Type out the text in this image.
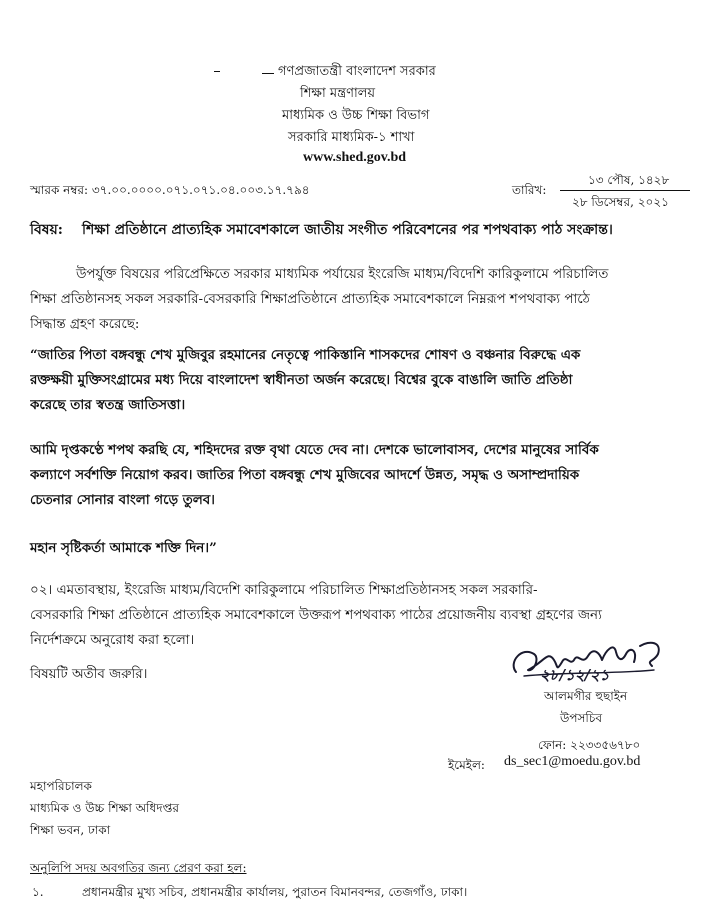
গণপ্রজাতন্ত্রী বাংলাদেশ সরকার
শিক্ষা মন্ত্রণালয়
মাধ্যমিক ও উচ্চ শিক্ষা বিভাগ
সরকারি মাধ্যমিক-১ শাখা
www.shed.gov.bd
স্মারক নম্বর: ৩৭.০০.০০০০.০৭১.০৭১.০৪.০০৩.১৭.৭৯৪	তারিখ:
১৩ পৌষ, ১৪২৮
২৮ ডিসেম্বর, ২০২১
বিষয়: শিক্ষা প্রতিষ্ঠানে প্রাত্যহিক সমাবেশকালে জাতীয় সংগীত পরিবেশনের পর শপথবাক্য পাঠ সংক্রান্ত।
উপর্যুক্ত বিষয়ের পরিপ্রেক্ষিতে সরকার মাধ্যমিক পর্যায়ের ইংরেজি মাধ্যম/বিদেশি কারিকুলামে পরিচালিত
শিক্ষা প্রতিষ্ঠানসহ সকল সরকারি-বেসরকারি শিক্ষাপ্রতিষ্ঠানে প্রাত্যহিক সমাবেশকালে নিম্নরূপ শপথবাক্য পাঠে
সিদ্ধান্ত গ্রহণ করেছে:
“জাতির পিতা বঙ্গবন্ধু শেখ মুজিবুর রহমানের নেতৃত্বে পাকিস্তানি শাসকদের শোষণ ও বঞ্চনার বিরুদ্ধে এক
রক্তক্ষয়ী মুক্তিসংগ্রামের মধ্য দিয়ে বাংলাদেশ স্বাধীনতা অর্জন করেছে। বিশ্বের বুকে বাঙালি জাতি প্রতিষ্ঠা
করেছে তার স্বতন্ত্র জাতিসত্তা।
আমি দৃপ্তকণ্ঠে শপথ করছি যে, শহিদদের রক্ত বৃথা যেতে দেব না। দেশকে ভালোবাসব, দেশের মানুষের সার্বিক
কল্যাণে সর্বশক্তি নিয়োগ করব। জাতির পিতা বঙ্গবন্ধু শেখ মুজিবের আদর্শে উন্নত, সমৃদ্ধ ও অসাম্প্রদায়িক
চেতনার সোনার বাংলা গড়ে তুলব।
মহান সৃষ্টিকর্তা আমাকে শক্তি দিন।”
০২। এমতাবস্থায়, ইংরেজি মাধ্যম/বিদেশি কারিকুলামে পরিচালিত শিক্ষাপ্রতিষ্ঠানসহ সকল সরকারি-
বেসরকারি শিক্ষা প্রতিষ্ঠানে প্রাত্যহিক সমাবেশকালে উক্তরূপ শপথবাক্য পাঠের প্রয়োজনীয় ব্যবস্থা গ্রহণের জন্য
নির্দেশক্রমে অনুরোধ করা হলো।
বিষয়টি অতীব জরুরি।	২৮/১২/২১
আলমগীর হুছাইন
উপসচিব
ফোন: ২২৩৩৫৬৭৮০
ইমেইল: ds_sec1@moedu.gov.bd
মহাপরিচালক
মাধ্যমিক ও উচ্চ শিক্ষা অধিদপ্তর
শিক্ষা ভবন, ঢাকা
অনুলিপি সদয় অবগতির জন্য প্রেরণ করা হল:
১.	প্রধানমন্ত্রীর মুখ্য সচিব, প্রধানমন্ত্রীর কার্যালয়, পুরাতন বিমানবন্দর, তেজগাঁও, ঢাকা।
